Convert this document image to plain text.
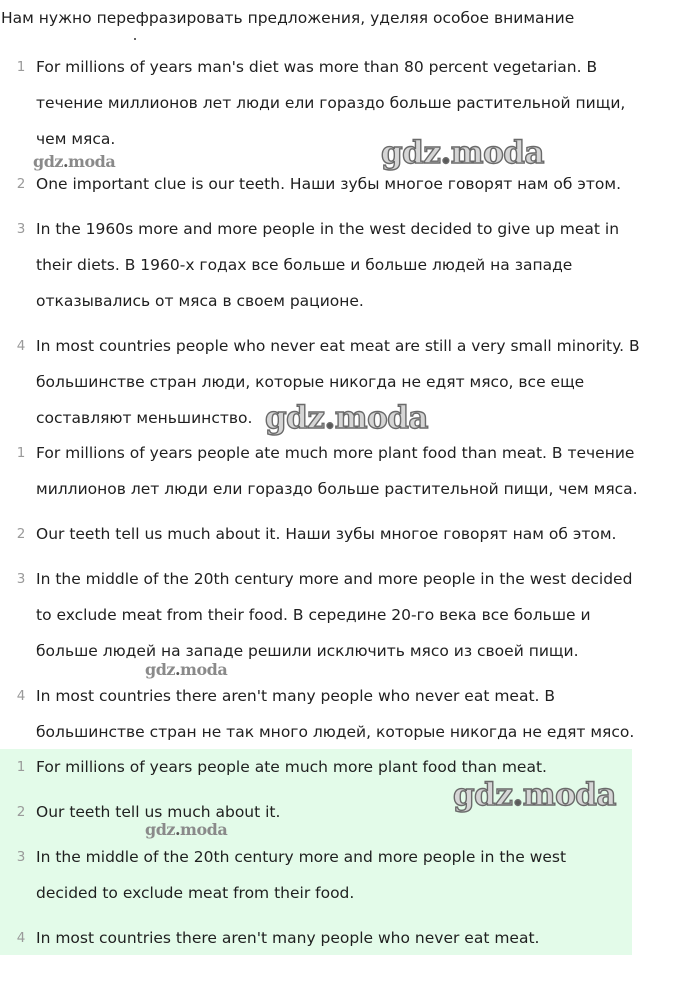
Нам нужно перефразировать предложения, уделяя особое внимание
1 For millions of years man's diet was more than 80 percent vegetarian. В
течение миллионов лет люди ели гораздо больше растительной пищи,
чем мяса.
2 One important clue is our teeth. Наши зубы многое говорят нам об этом.
3 In the 1960s more and more people in the west decided to give up meat in
their diets. В 1960-х годах все больше и больше людей на западе
отказывались от мяса в своем рационе.
4 In most countries people who never eat meat are still a very small minority. В
большинстве стран люди, которые никогда не едят мясо, все еще
составляют меньшинство.
1 For millions of years people ate much more plant food than meat. В течение
миллионов лет люди ели гораздо больше растительной пищи, чем мяса.
2 Our teeth tell us much about it. Наши зубы многое говорят нам об этом.
3 In the middle of the 20th century more and more people in the west decided
to exclude meat from their food. В середине 20-го века все больше и
больше людей на западе решили исключить мясо из своей пищи.
4 In most countries there aren't many people who never eat meat. В
большинстве стран не так много людей, которые никогда не едят мясо.
1 For millions of years people ate much more plant food than meat.
2 Our teeth tell us much about it.
3 In the middle of the 20th century more and more people in the west
decided to exclude meat from their food.
4 In most countries there aren't many people who never eat meat.
gdz.moda	gdz.moda
gdz.moda
gdz.moda
gdz.moda
gdz.moda
